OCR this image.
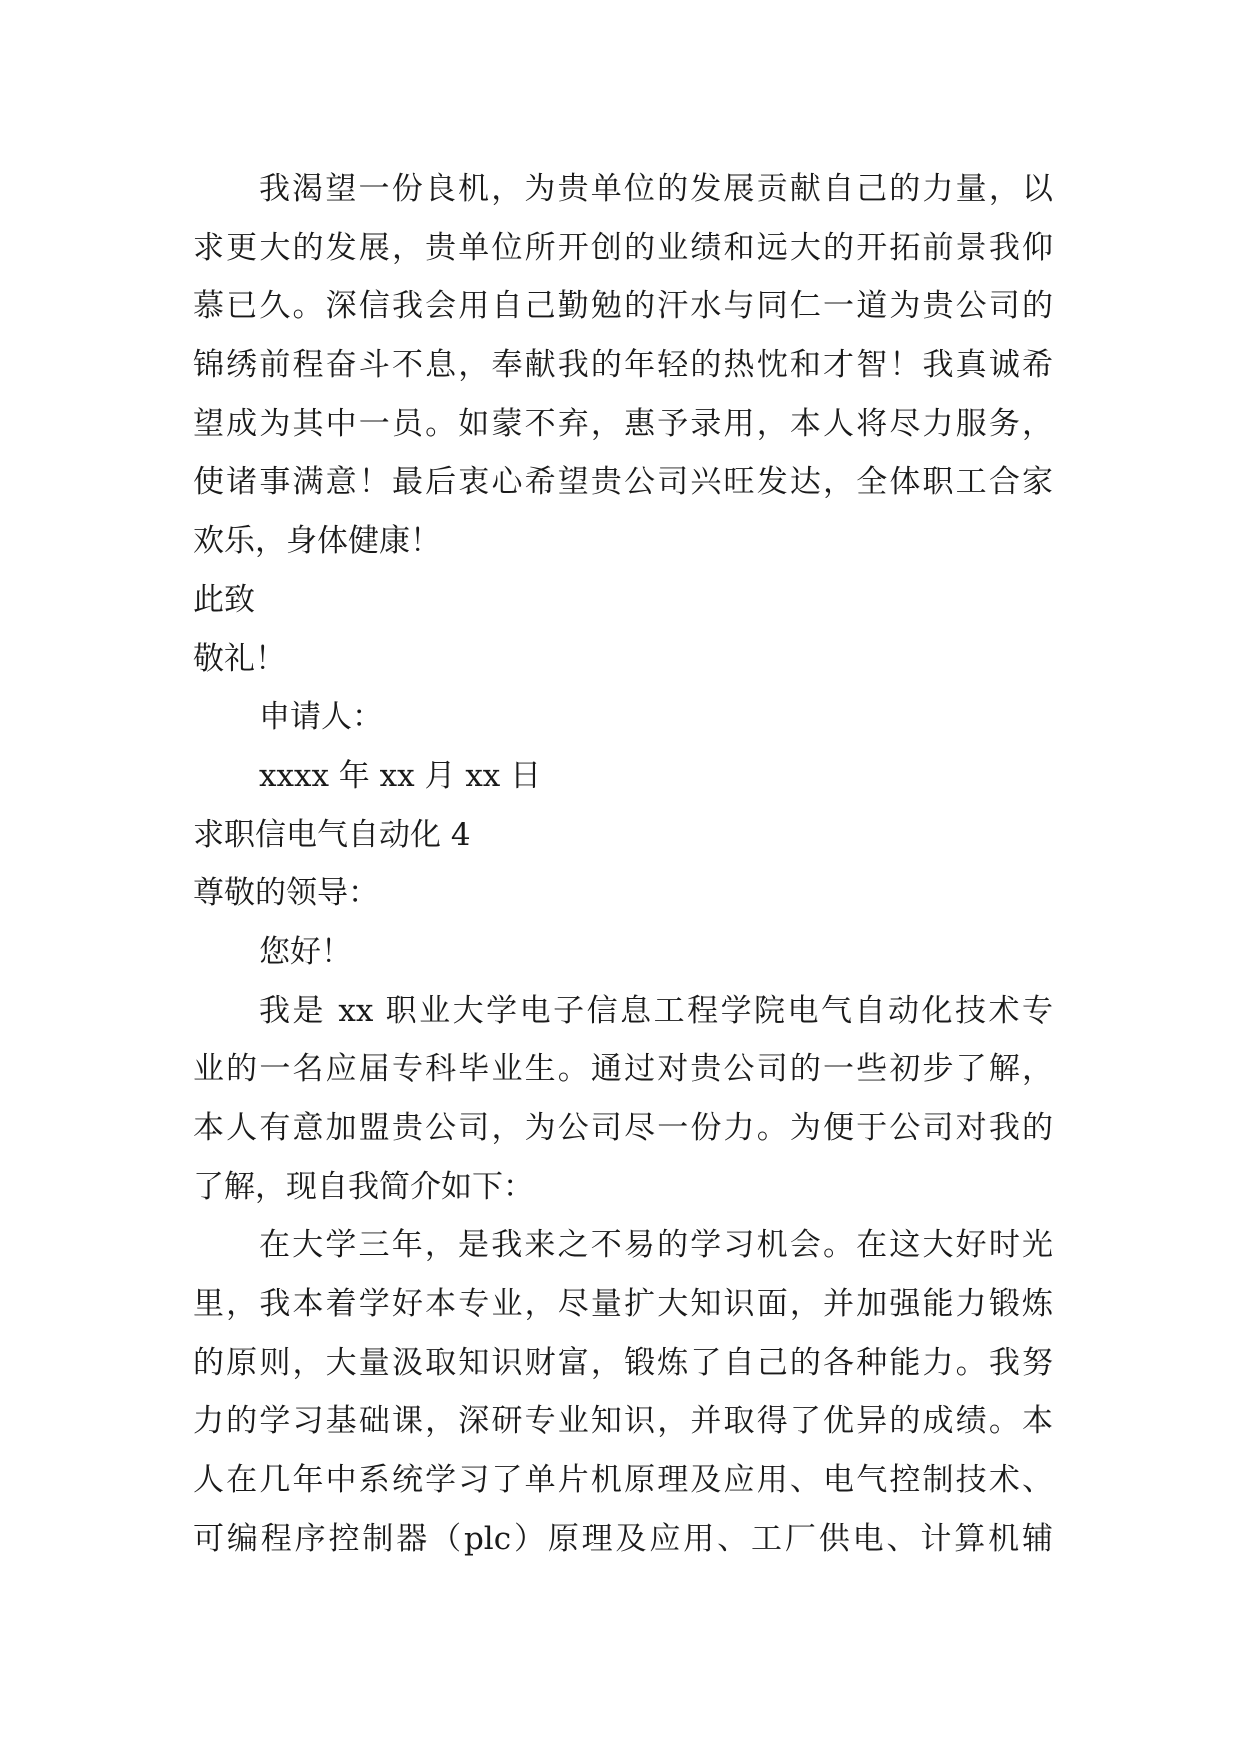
我渴望一份良机，为贵单位的发展贡献自己的力量，以
求更大的发展，贵单位所开创的业绩和远大的开拓前景我仰
慕已久。深信我会用自己勤勉的汗水与同仁一道为贵公司的
锦绣前程奋斗不息，奉献我的年轻的热忱和才智！我真诚希
望成为其中一员。如蒙不弃，惠予录用，本人将尽力服务，
使诸事满意！最后衷心希望贵公司兴旺发达，全体职工合家
欢乐，身体健康！
此致
敬礼！
申请人：
xxxx 年 xx 月 xx 日
求职信电气自动化 4
尊敬的领导：
您好！
我是 xx 职业大学电子信息工程学院电气自动化技术专
业的一名应届专科毕业生。通过对贵公司的一些初步了解，
本人有意加盟贵公司，为公司尽一份力。为便于公司对我的
了解，现自我简介如下：
在大学三年，是我来之不易的学习机会。在这大好时光
里，我本着学好本专业，尽量扩大知识面，并加强能力锻炼
的原则，大量汲取知识财富，锻炼了自己的各种能力。我努
力的学习基础课，深研专业知识，并取得了优异的成绩。本
人在几年中系统学习了单片机原理及应用、电气控制技术、
可编程序控制器（plc）原理及应用、工厂供电、计算机辅
